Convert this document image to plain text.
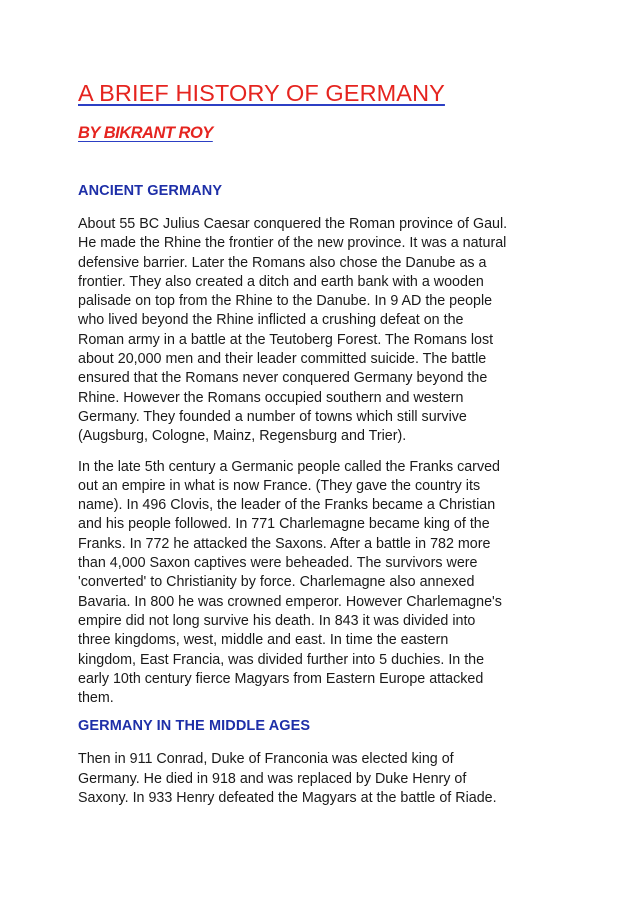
A BRIEF HISTORY OF GERMANY
BY BIKRANT ROY
ANCIENT GERMANY

About 55 BC Julius Caesar conquered the Roman province of Gaul.
He made the Rhine the frontier of the new province. It was a natural
defensive barrier. Later the Romans also chose the Danube as a
frontier. They also created a ditch and earth bank with a wooden
palisade on top from the Rhine to the Danube. In 9 AD the people
who lived beyond the Rhine inflicted a crushing defeat on the
Roman army in a battle at the Teutoberg Forest. The Romans lost
about 20,000 men and their leader committed suicide. The battle
ensured that the Romans never conquered Germany beyond the
Rhine. However the Romans occupied southern and western
Germany. They founded a number of towns which still survive
(Augsburg, Cologne, Mainz, Regensburg and Trier).

In the late 5th century a Germanic people called the Franks carved
out an empire in what is now France. (They gave the country its
name). In 496 Clovis, the leader of the Franks became a Christian
and his people followed. In 771 Charlemagne became king of the
Franks. In 772 he attacked the Saxons. After a battle in 782 more
than 4,000 Saxon captives were beheaded. The survivors were
'converted' to Christianity by force. Charlemagne also annexed
Bavaria. In 800 he was crowned emperor. However Charlemagne's
empire did not long survive his death. In 843 it was divided into
three kingdoms, west, middle and east. In time the eastern
kingdom, East Francia, was divided further into 5 duchies. In the
early 10th century fierce Magyars from Eastern Europe attacked
them.

GERMANY IN THE MIDDLE AGES

Then in 911 Conrad, Duke of Franconia was elected king of
Germany. He died in 918 and was replaced by Duke Henry of
Saxony. In 933 Henry defeated the Magyars at the battle of Riade.
